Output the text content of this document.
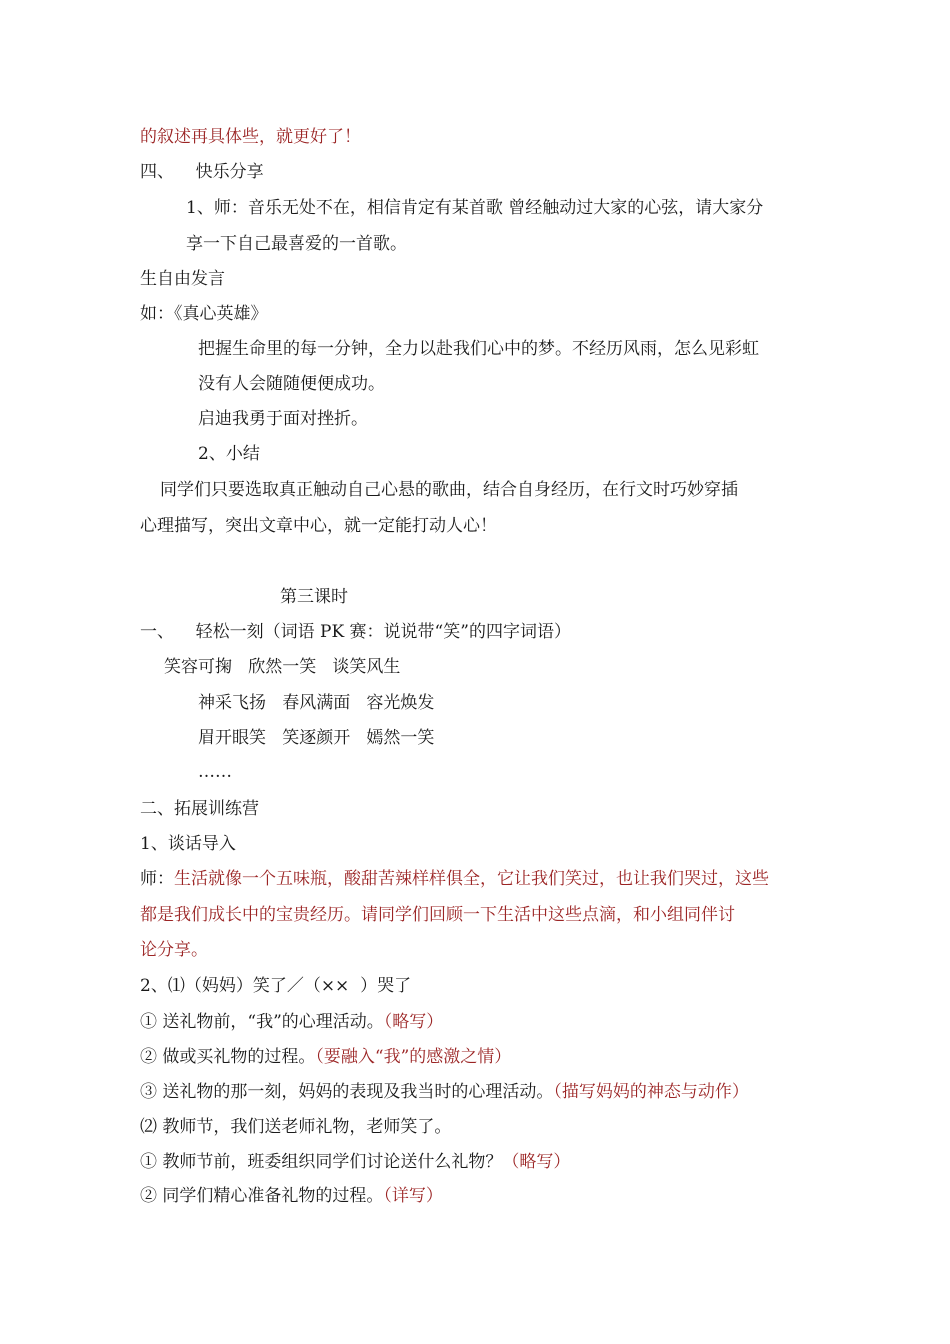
的叙述再具体些，就更好了！
四、    快乐分享
1、师：音乐无处不在，相信肯定有某首歌 曾经触动过大家的心弦，请大家分
享一下自己最喜爱的一首歌。
生自由发言
如：《真心英雄》
把握生命里的每一分钟，全力以赴我们心中的梦。不经历风雨，怎么见彩虹
没有人会随随便便成功。
启迪我勇于面对挫折。
2、小结
同学们只要选取真正触动自己心悬的歌曲，结合自身经历，在行文时巧妙穿插
心理描写，突出文章中心，就一定能打动人心！
第三课时
一、    轻松一刻（词语 PK 赛：说说带“笑”的四字词语）
笑容可掬   欣然一笑   谈笑风生
神采飞扬   春风满面   容光焕发
眉开眼笑   笑逐颜开   嫣然一笑
……
二、拓展训练营
1、谈话导入
师：生活就像一个五味瓶，酸甜苦辣样样俱全，它让我们笑过，也让我们哭过，这些
都是我们成长中的宝贵经历。请同学们回顾一下生活中这些点滴，和小组同伴讨
论分享。
2、⑴（妈妈）笑了／（××  ）哭了
① 送礼物前，“我”的心理活动。（略写）
② 做或买礼物的过程。（要融入“我”的感激之情）
③ 送礼物的那一刻，妈妈的表现及我当时的心理活动。（描写妈妈的神态与动作）
⑵ 教师节，我们送老师礼物，老师笑了。
① 教师节前，班委组织同学们讨论送什么礼物？（略写）
② 同学们精心准备礼物的过程。（详写）
